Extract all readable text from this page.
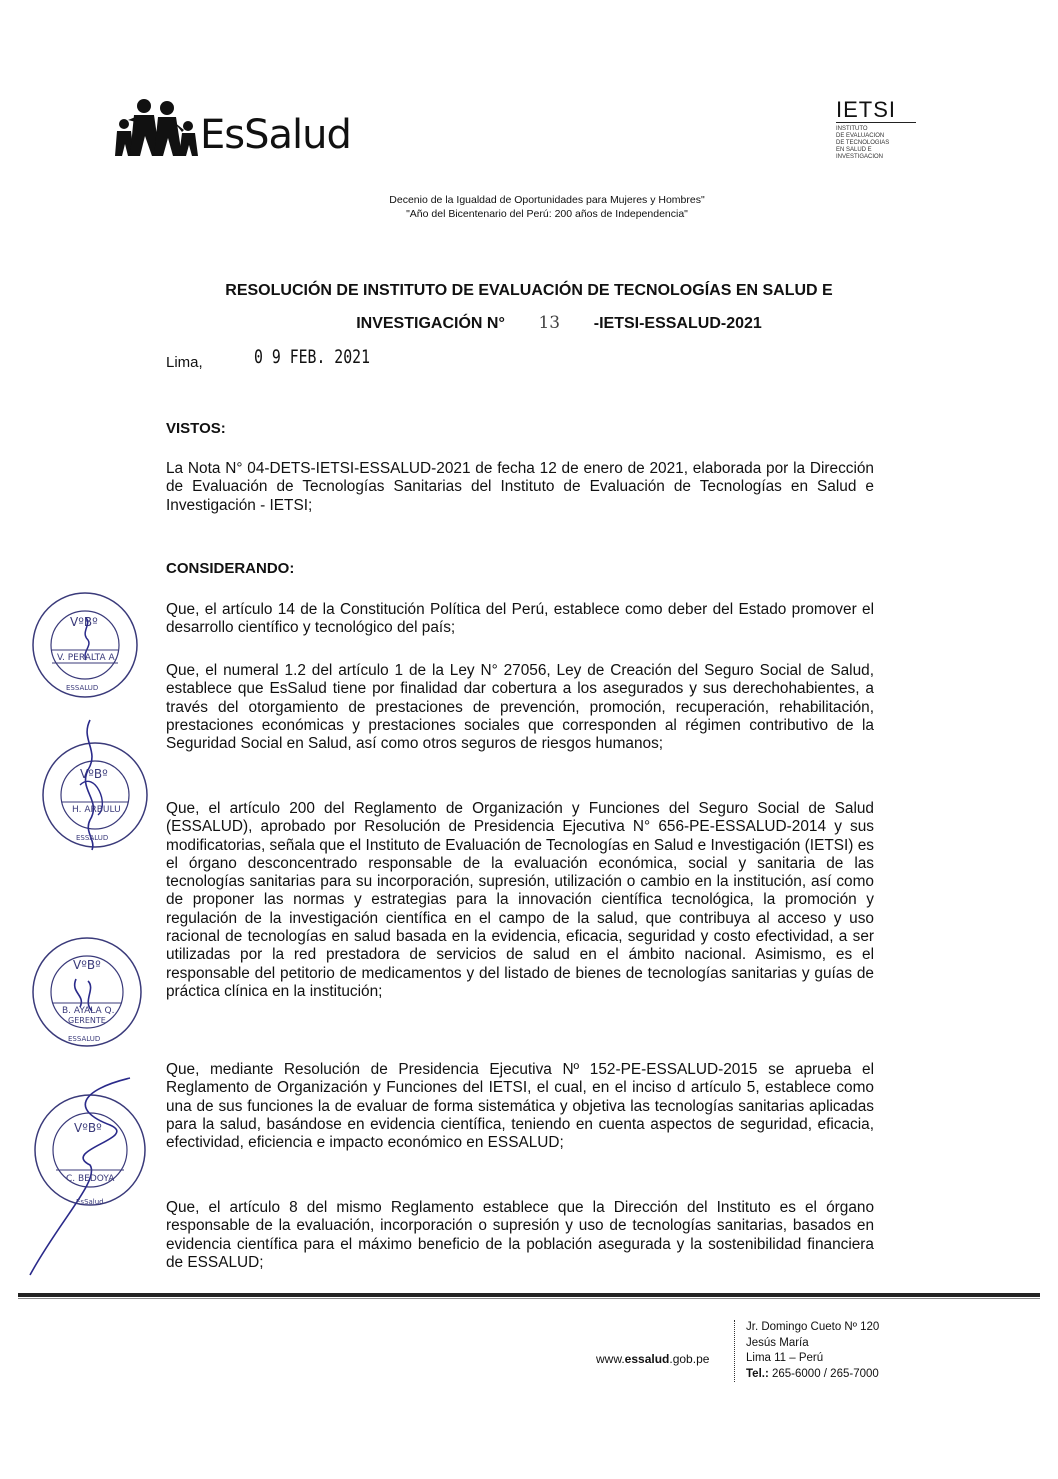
EsSalud
IETSI
INSTITUTO
DE EVALUACION
DE TECNOLOGIAS
EN SALUD E
INVESTIGACION
Decenio de la Igualdad de Oportunidades para Mujeres y Hombres"
"Año del Bicentenario del Perú: 200 años de Independencia"
RESOLUCIÓN DE INSTITUTO DE EVALUACIÓN DE TECNOLOGÍAS EN SALUD E
INVESTIGACIÓN N° 13 -IETSI-ESSALUD-2021
Lima,	0 9 FEB. 2021
VISTOS:
La Nota N° 04-DETS-IETSI-ESSALUD-2021 de fecha 12 de enero de 2021, elaborada por la Dirección de Evaluación de Tecnologías Sanitarias del Instituto de Evaluación de Tecnologías en Salud e Investigación - IETSI;
CONSIDERANDO:
Que, el artículo 14 de la Constitución Política del Perú, establece como deber del Estado promover el desarrollo científico y tecnológico del país;
Que, el numeral 1.2 del artículo 1 de la Ley N° 27056, Ley de Creación del Seguro Social de Salud, establece que EsSalud tiene por finalidad dar cobertura a los asegurados y sus derechohabientes, a través del otorgamiento de prestaciones de prevención, promoción, recuperación, rehabilitación, prestaciones económicas y prestaciones sociales que corresponden al régimen contributivo de la Seguridad Social en Salud, así como otros seguros de riesgos humanos;
Que, el artículo 200 del Reglamento de Organización y Funciones del Seguro Social de Salud (ESSALUD), aprobado por Resolución de Presidencia Ejecutiva N° 656-PE-ESSALUD-2014 y sus modificatorias, señala que el Instituto de Evaluación de Tecnologías en Salud e Investigación (IETSI) es el órgano desconcentrado responsable de la evaluación económica, social y sanitaria de las tecnologías sanitarias para su incorporación, supresión, utilización o cambio en la institución, así como de proponer las normas y estrategias para la innovación científica tecnológica, la promoción y regulación de la investigación científica en el campo de la salud, que contribuya al acceso y uso racional de tecnologías en salud basada en la evidencia, eficacia, seguridad y costo efectividad, a ser utilizadas por la red prestadora de servicios de salud en el ámbito nacional. Asimismo, es el responsable del petitorio de medicamentos y del listado de bienes de tecnologías sanitarias y guías de práctica clínica en la institución;
Que, mediante Resolución de Presidencia Ejecutiva Nº 152-PE-ESSALUD-2015 se aprueba el Reglamento de Organización y Funciones del IETSI, el cual, en el inciso d artículo 5, establece como una de sus funciones la de evaluar de forma sistemática y objetiva las tecnologías sanitarias aplicadas para la salud, basándose en evidencia científica, teniendo en cuenta aspectos de seguridad, eficacia, efectividad, eficiencia e impacto económico en ESSALUD;
Que, el artículo 8 del mismo Reglamento establece que la Dirección del Instituto es el órgano responsable de la evaluación, incorporación o supresión y uso de tecnologías sanitarias, basados en evidencia científica para el máximo beneficio de la población asegurada y la sostenibilidad financiera de ESSALUD;
VºBº
V. PERALTA A.
ESSALUD
VºBº
H. ARBULU
ESSALUD
VºBº
B. AYALA Q.
GERENTE
ESSALUD
VºBº
C. BEDOYA
EsSalud
www.essalud.gob.pe
Jr. Domingo Cueto Nº 120
Jesús María
Lima 11 – Perú
Tel.: 265-6000 / 265-7000
